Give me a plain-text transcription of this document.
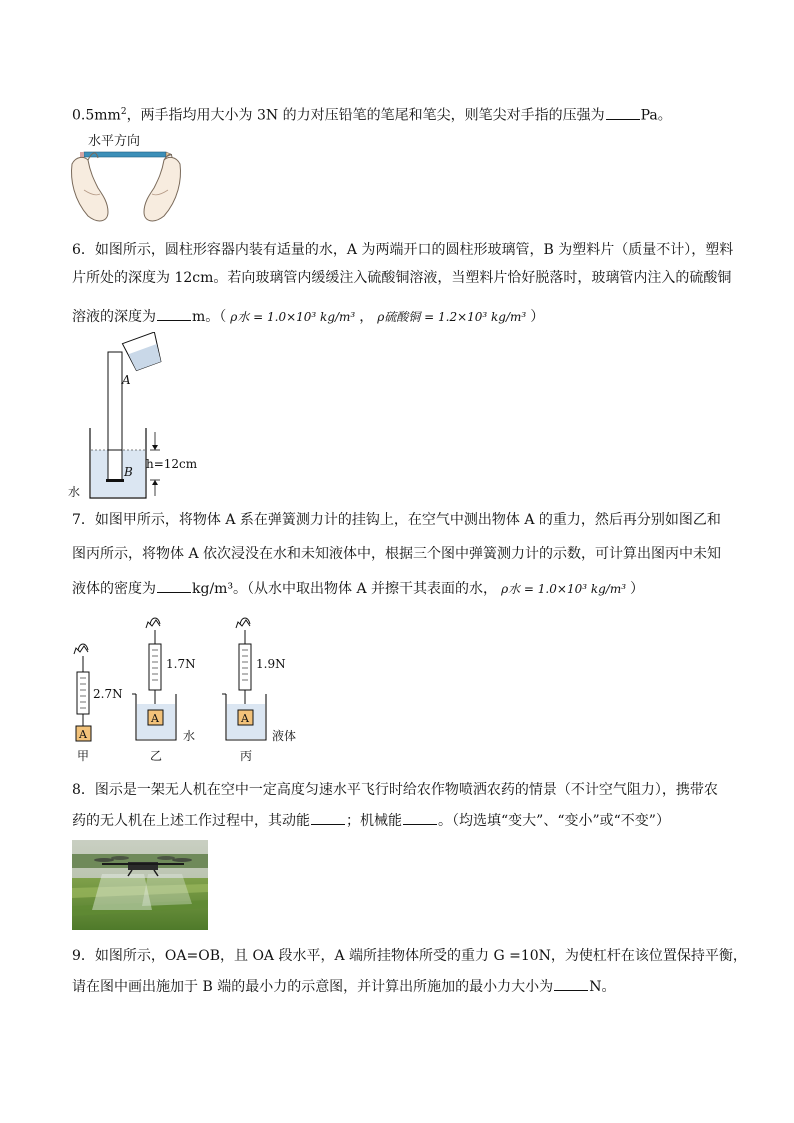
$0.5mm^2$，两手指均用大小为 3N 的力对压铅笔的笔尾和笔尖，则笔尖对手指的压强为	Pa。
水平方向
6．如图所示，圆柱形容器内装有适量的水，A 为两端开口的圆柱形玻璃管，B 为塑料片（质量不计），塑料
片所处的深度为 12cm。若向玻璃管内缓缓注入硫酸铜溶液，当塑料片恰好脱落时，玻璃管内注入的硫酸铜
溶液的深度为	m。（ ρ水 = 1.0×10³ kg/m³ ， ρ硫酸铜 = 1.2×10³ kg/m³ ）
A
B
h=12cm
水
7．如图甲所示，将物体 A 系在弹簧测力计的挂钩上，在空气中测出物体 A 的重力，然后再分别如图乙和
图丙所示，将物体 A 依次浸没在水和未知液体中，根据三个图中弹簧测力计的示数，可计算出图丙中未知
液体的密度为	kg/m³。（从水中取出物体 A 并擦干其表面的水， ρ水 = 1.0×10³ kg/m³ ）
A
2.7N
甲
1.7N
A
水
乙
1.9N
A
液体
丙
8．图示是一架无人机在空中一定高度匀速水平飞行时给农作物喷洒农药的情景（不计空气阻力），携带农
药的无人机在上述工作过程中，其动能	；机械能	。（均选填“变大”、“变小”或“不变”）
9．如图所示，OA=OB，且 OA 段水平，A 端所挂物体所受的重力 G =10N，为使杠杆在该位置保持平衡，
请在图中画出施加于 B 端的最小力的示意图，并计算出所施加的最小力大小为	N。
